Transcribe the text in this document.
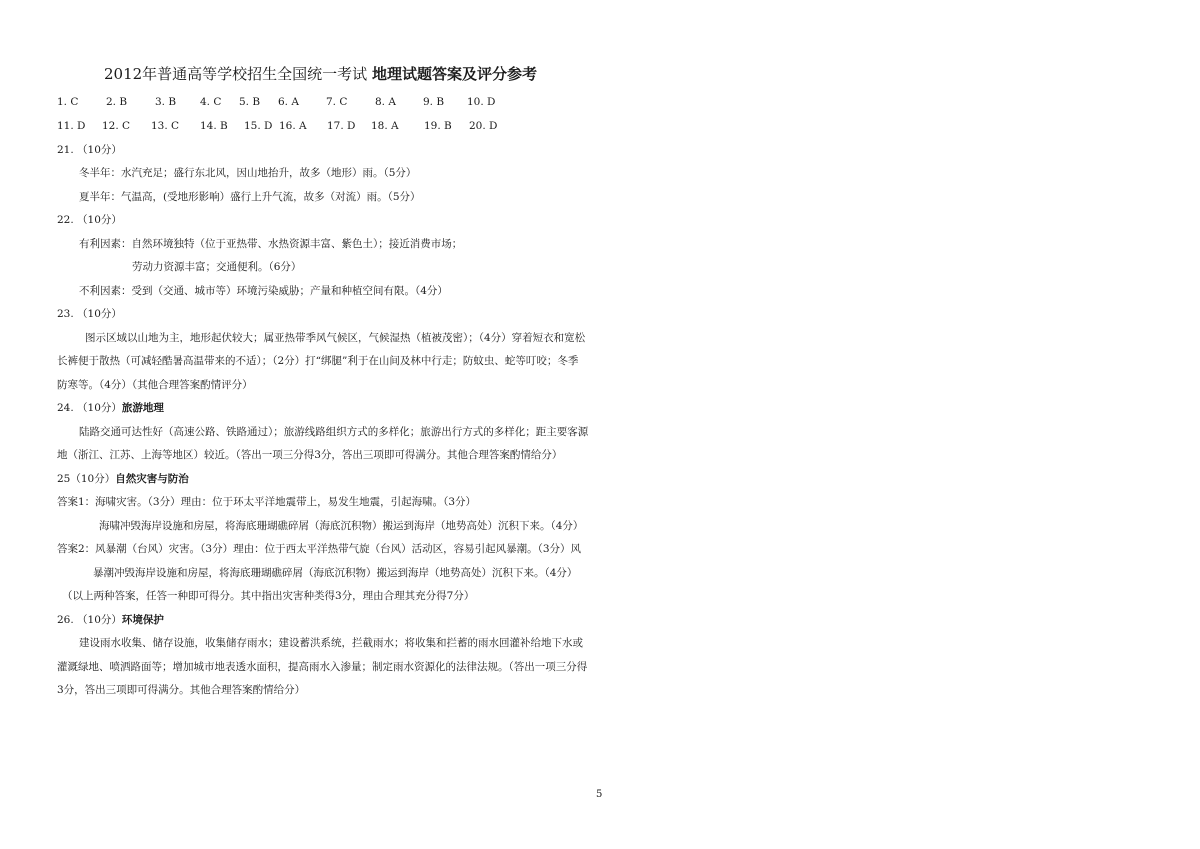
2012年普通高等学校招生全国统一考试 地理试题答案及评分参考
1. C	2. B	3. B 4. C 5. B 6. A	7. C	8. A	9. B 10. D
11. D 12. C 13. C 14. B 15. D 16. A 17. D 18. A 19. B 20. D
21. （10分）
冬半年：水汽充足；盛行东北风，因山地抬升，故多（地形）雨。（5分）
夏半年：气温高，(受地形影响）盛行上升气流，故多（对流）雨。（5分）
22. （10分）
有利因素：自然环境独特（位于亚热带、水热资源丰富、紫色土）；接近消费市场；
劳动力资源丰富；交通便利。（6分）
不利因素：受到（交通、城市等）环境污染威胁；产量和种植空间有限。（4分）
23. （10分）
图示区域以山地为主，地形起伏较大；属亚热带季风气候区，气候湿热（植被茂密）；（4分）穿着短衣和宽松
长裤便于散热（可减轻酷暑高温带来的不适）；（2分）打“绑腿”利于在山间及林中行走；防蚊虫、蛇等叮咬；冬季
防寒等。（4分）（其他合理答案酌情评分）
24. （10分）旅游地理
陆路交通可达性好（高速公路、铁路通过）；旅游线路组织方式的多样化；旅游出行方式的多样化；距主要客源
地（浙江、江苏、上海等地区）较近。（答出一项三分得3分，答出三项即可得满分。其他合理答案酌情给分）
25（10分）自然灾害与防治
答案1：海啸灾害。（3分）理由：位于环太平洋地震带上，易发生地震，引起海啸。（3分）
海啸冲毁海岸设施和房屋，将海底珊瑚礁碎屑（海底沉积物）搬运到海岸（地势高处）沉积下来。（4分）
答案2：风暴潮（台风）灾害。（3分）理由：位于西太平洋热带气旋（台风）活动区，容易引起风暴潮。（3分）风
暴潮冲毁海岸设施和房屋，将海底珊瑚礁碎屑（海底沉积物）搬运到海岸（地势高处）沉积下来。（4分）
（以上两种答案，任答一种即可得分。其中指出灾害种类得3分，理由合理其充分得7分）
26. （10分）环境保护
建设雨水收集、储存设施，收集储存雨水；建设蓄洪系统，拦截雨水；将收集和拦蓄的雨水回灌补给地下水或
灌溉绿地、喷洒路面等；增加城市地表透水面积，提高雨水入渗量；制定雨水资源化的法律法规。（答出一项三分得
3分，答出三项即可得满分。其他合理答案酌情给分）
5
